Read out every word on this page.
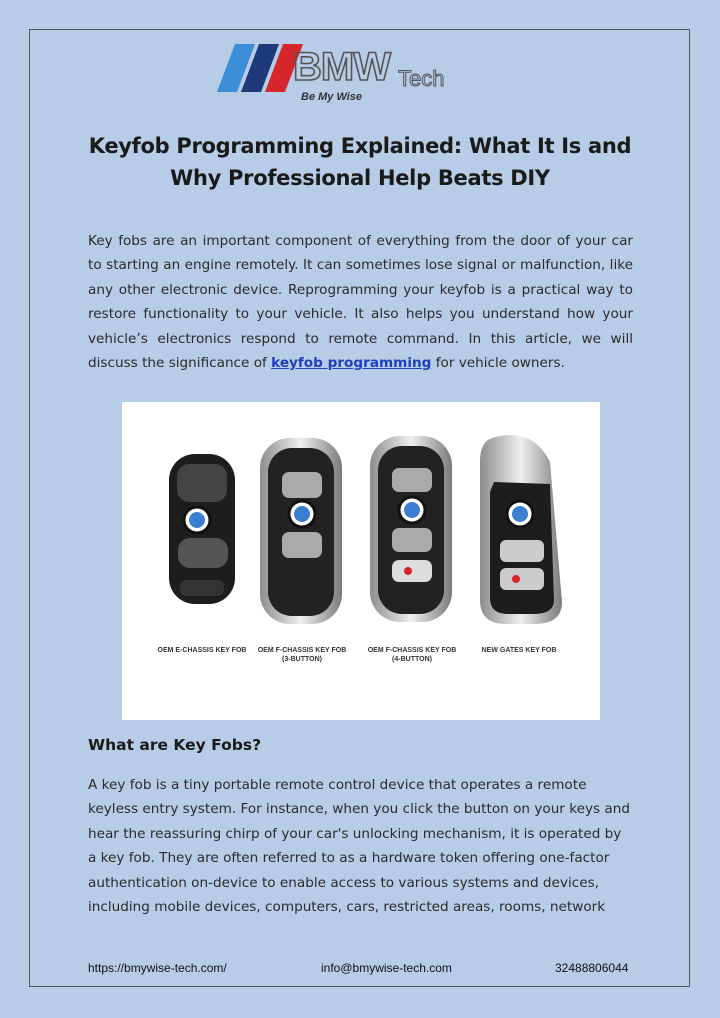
BMW Tech
Be My Wise
Keyfob Programming Explained: What It Is and Why Professional Help Beats DIY
Key fobs are an important component of everything from the door of your car to starting an engine remotely. It can sometimes lose signal or malfunction, like any other electronic device. Reprogramming your keyfob is a practical way to restore functionality to your vehicle. It also helps you understand how your vehicle’s electronics respond to remote command. In this article, we will discuss the significance of keyfob programming for vehicle owners.
OEM E-CHASSIS KEY FOB OEM F-CHASSIS KEY FOB (3-BUTTON)
OEM F-CHASSIS KEY FOB (4-BUTTON)
NEW GATES KEY FOB
What are Key Fobs?
A key fob is a tiny portable remote control device that operates a remote keyless entry system. For instance, when you click the button on your keys and hear the reassuring chirp of your car's unlocking mechanism, it is operated by a key fob. They are often referred to as a hardware token offering one-factor authentication on-device to enable access to various systems and devices, including mobile devices, computers, cars, restricted areas, rooms, network
https://bmywise-tech.com/	info@bmywise-tech.com	32488806044
